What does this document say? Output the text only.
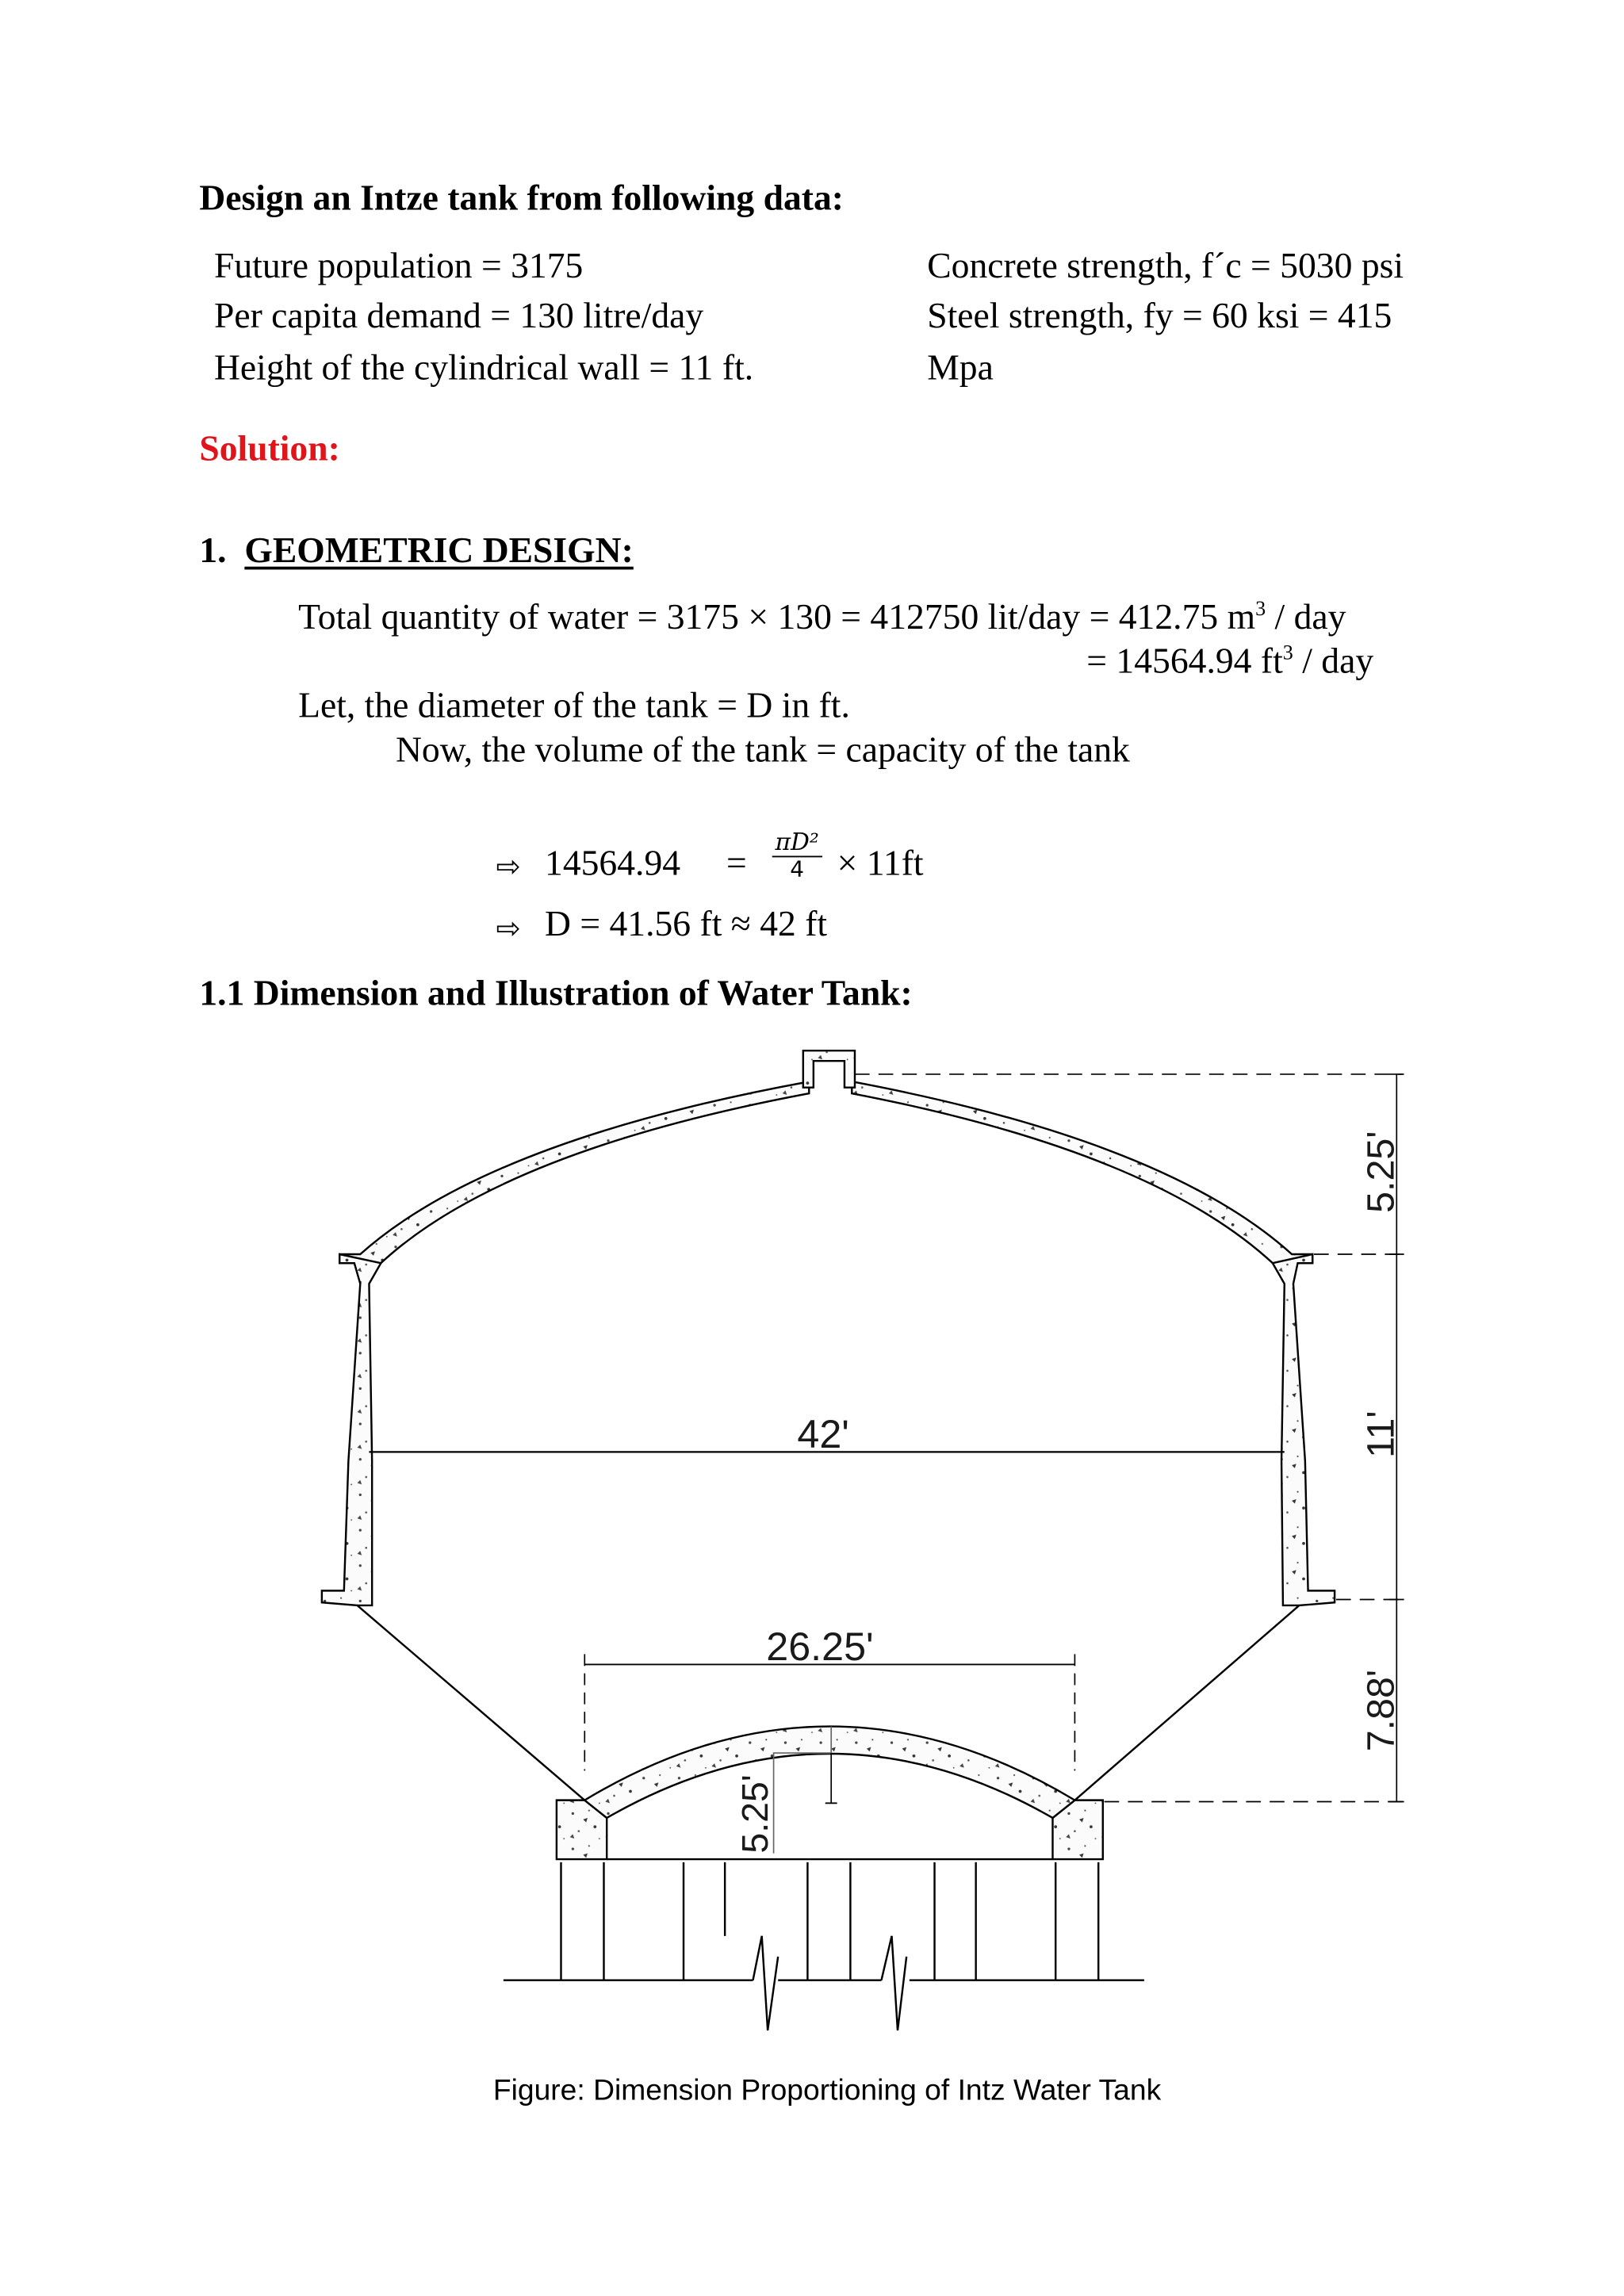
Design an Intze tank from following data:
Future population = 3175
Per capita demand = 130 litre/day
Height of the cylindrical wall = 11 ft.
Concrete strength, f´c = 5030 psi
Steel strength, fy = 60 ksi = 415
Mpa
Solution:
1. GEOMETRIC DESIGN:
Total quantity of water = 3175 × 130 = 412750 lit/day = 412.75 $m^3$ / day
= 14564.94 $ft^3$ / day
Let, the diameter of the tank = D in ft.
Now, the volume of the tank = capacity of the tank
⇨ $14564.94 = \frac{\text{πD²}}{4} \times 11ft$
⇨ D = 41.56 ft ≈ 42 ft
1.1 Dimension and Illustration of Water Tank:
42'
26.25'
5.25'
5.25'
11'
7.88'
Figure: Dimension Proportioning of Intz Water Tank
